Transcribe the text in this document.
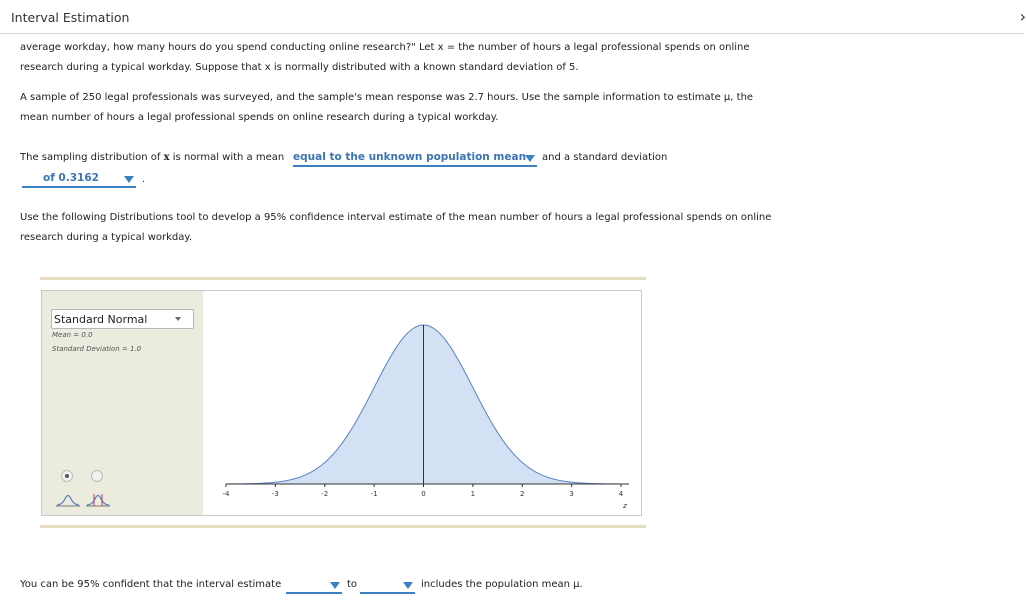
Interval Estimation	›
average workday, how many hours do you spend conducting online research?" Let x = the number of hours a legal professional spends on online
research during a typical workday. Suppose that x is normally distributed with a known standard deviation of 5.
A sample of 250 legal professionals was surveyed, and the sample's mean response was 2.7 hours. Use the sample information to estimate μ, the
mean number of hours a legal professional spends on online research during a typical workday.
The sampling distribution of x is normal with a mean equal to the unknown population mean and a standard deviation
of 0.3162	.
Use the following Distributions tool to develop a 95% confidence interval estimate of the mean number of hours a legal professional spends on online
research during a typical workday.
Standard Normal
Mean = 0.0
Standard Deviation = 1.0
-4	-3	-2	-1	0	1	2	3	4
z
You can be 95% confident that the interval estimate	to	includes the population mean μ.
